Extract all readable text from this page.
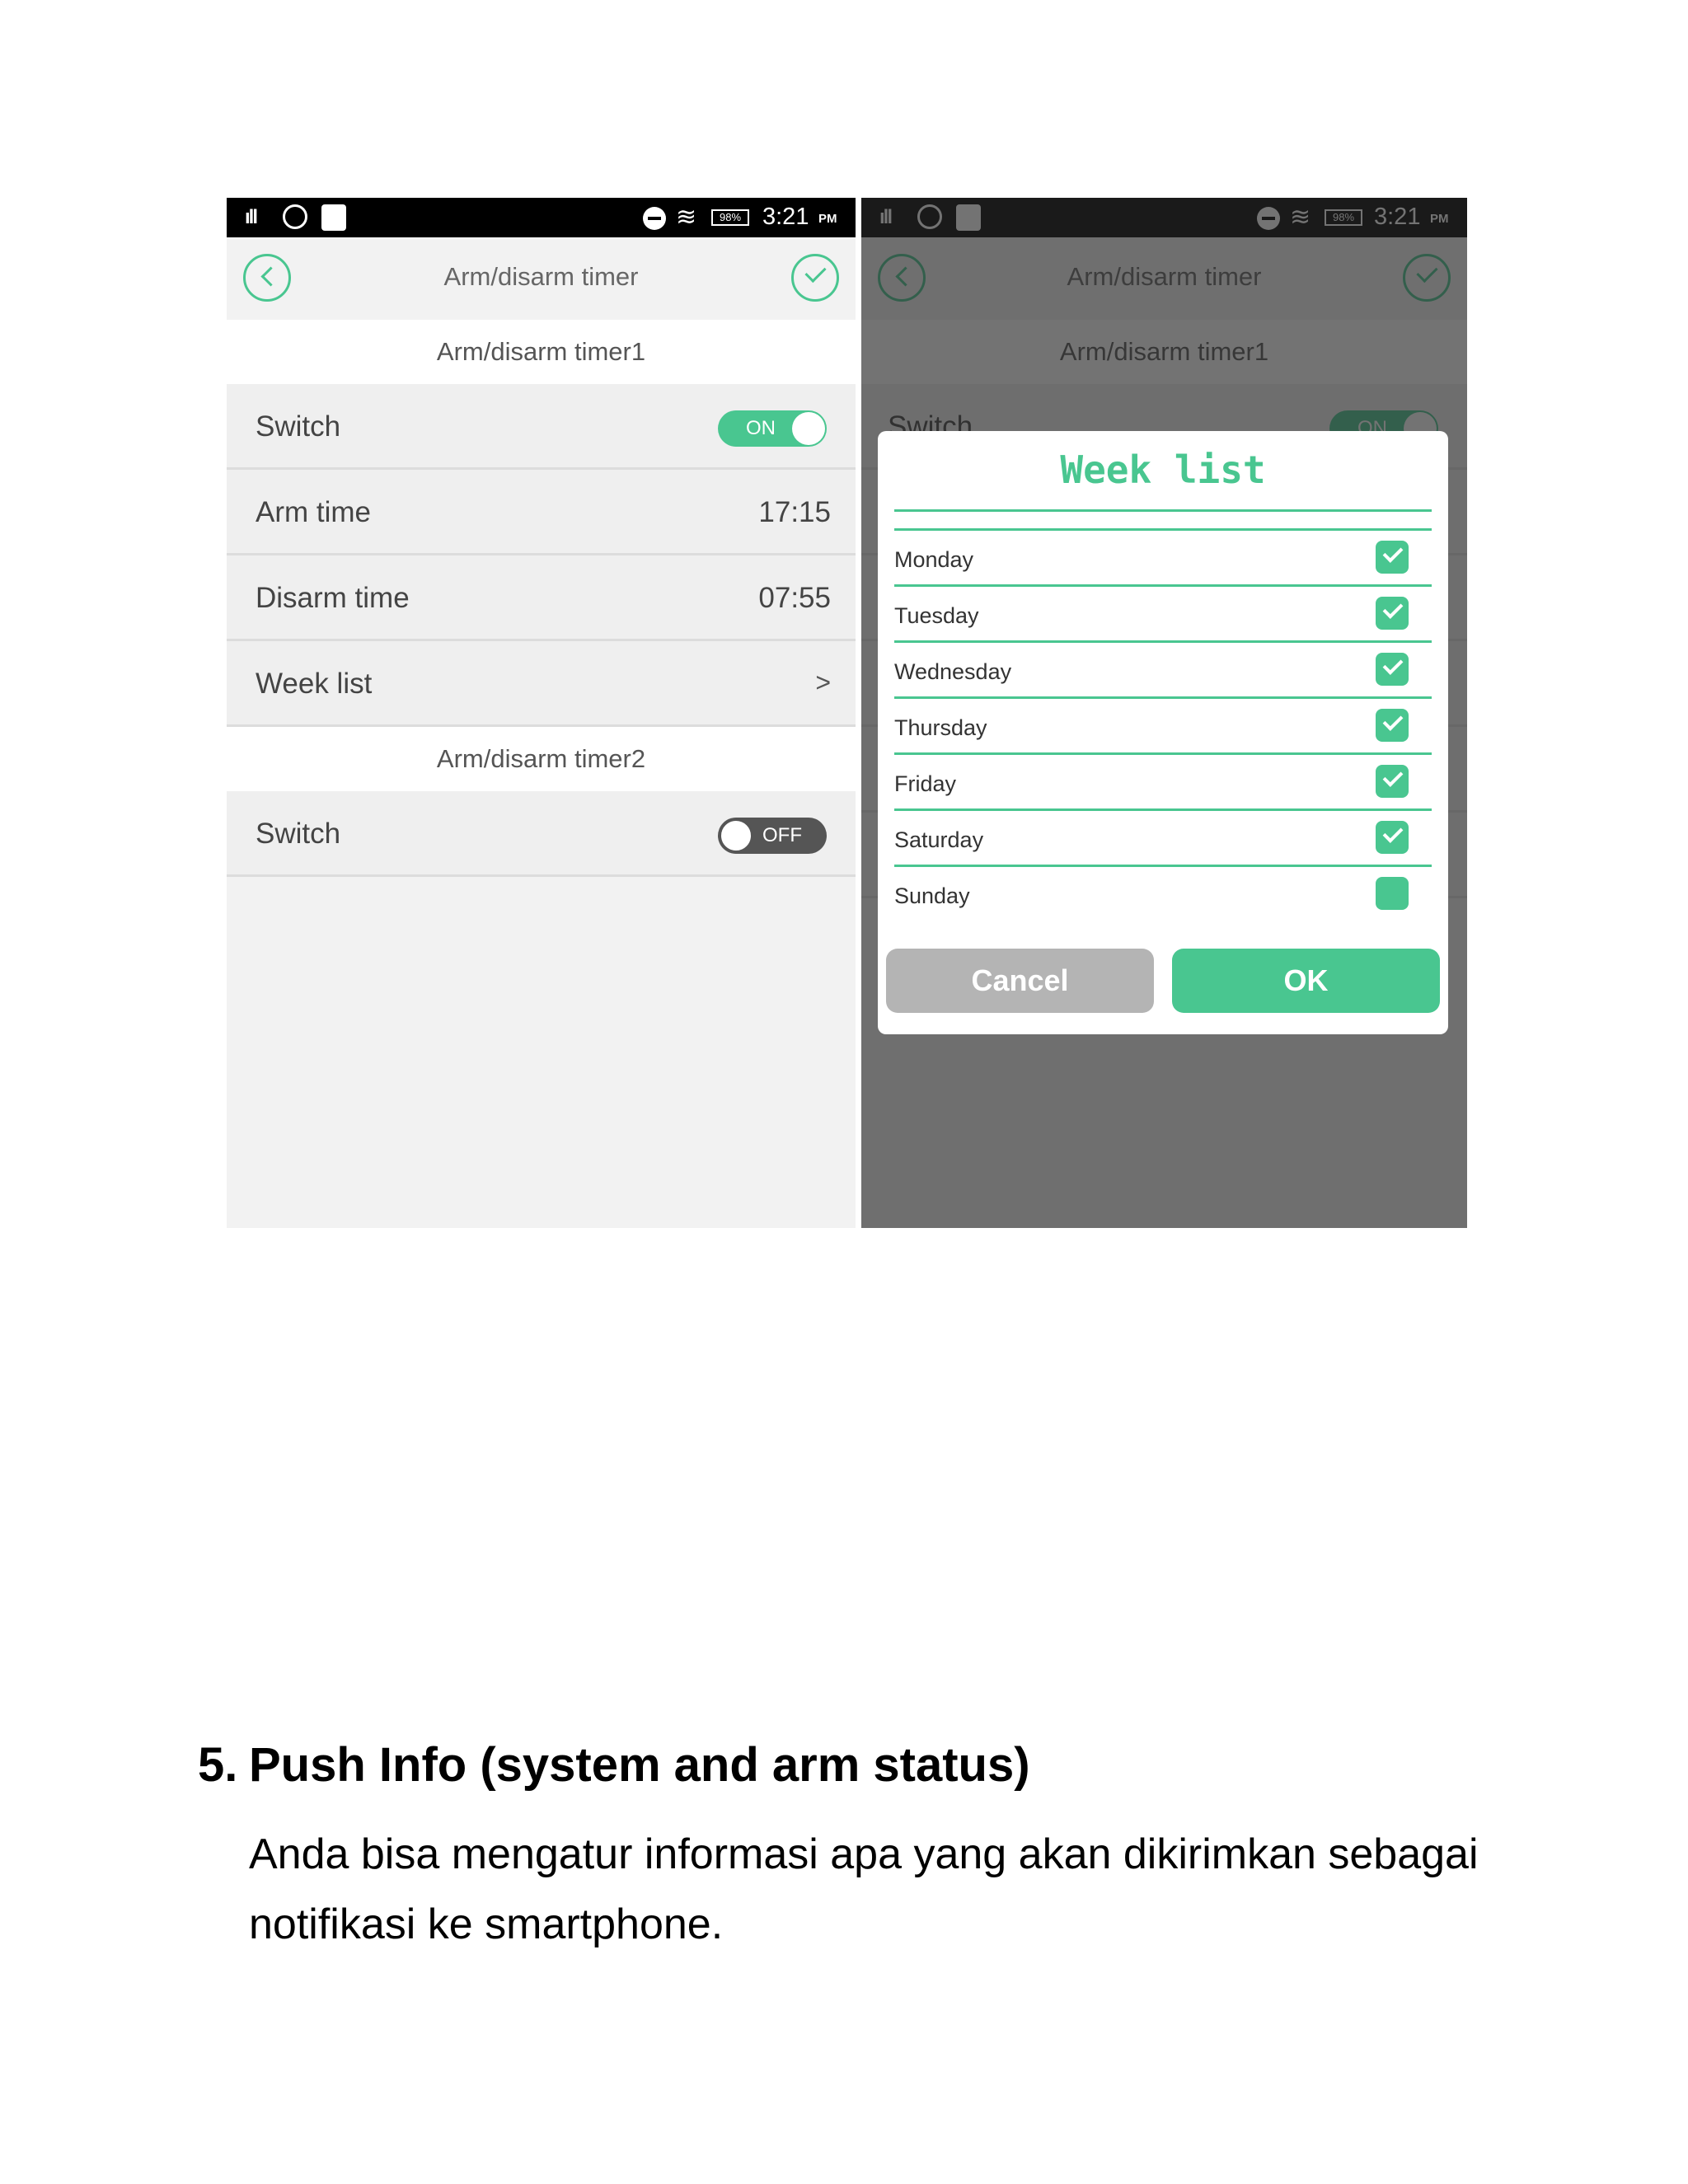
ıll	≋	98% 3:21 PM
Arm/disarm timer
Arm/disarm timer1
Switch	ON
Arm time	17:15
Disarm time	07:55
Week list	>
Arm/disarm timer2
Switch	OFF
Week list
Monday
Tuesday
Wednesday
Thursday
Friday
Saturday
Sunday
Cancel	OK
5. Push Info (system and arm status)
Anda bisa mengatur informasi apa yang akan dikirimkan sebagai notifikasi ke smartphone.
